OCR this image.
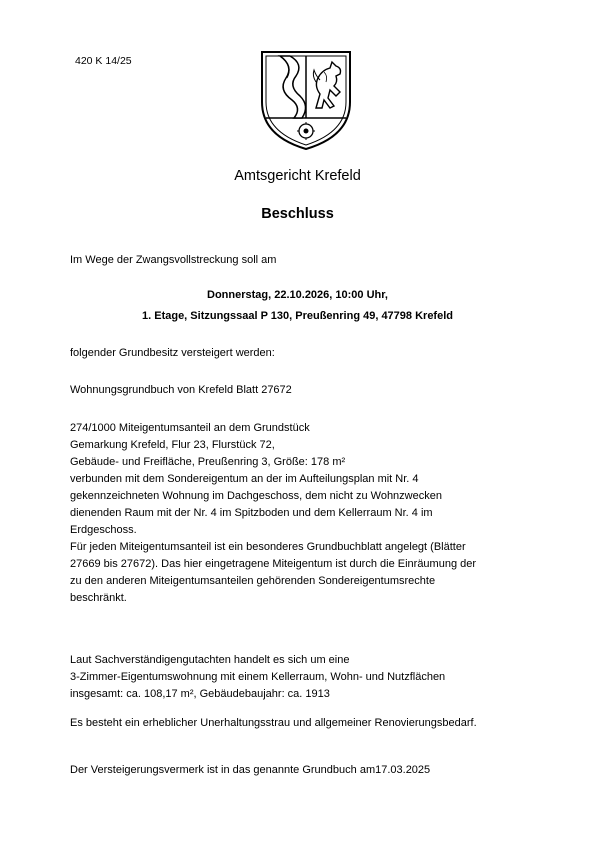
420 K 14/25
Amtsgericht Krefeld
Beschluss
Im Wege der Zwangsvollstreckung soll am
Donnerstag, 22.10.2026, 10:00 Uhr,
1. Etage, Sitzungssaal P 130, Preußenring 49, 47798 Krefeld
folgender Grundbesitz versteigert werden:
Wohnungsgrundbuch von Krefeld Blatt 27672
274/1000 Miteigentumsanteil an dem Grundstück
Gemarkung Krefeld, Flur 23, Flurstück 72,
Gebäude- und Freifläche, Preußenring 3, Größe: 178 m²
verbunden mit dem Sondereigentum an der im Aufteilungsplan mit Nr. 4
gekennzeichneten Wohnung im Dachgeschoss, dem nicht zu Wohnzwecken
dienenden Raum mit der Nr. 4 im Spitzboden und dem Kellerraum Nr. 4 im
Erdgeschoss.
Für jeden Miteigentumsanteil ist ein besonderes Grundbuchblatt angelegt (Blätter
27669 bis 27672). Das hier eingetragene Miteigentum ist durch die Einräumung der
zu den anderen Miteigentumsanteilen gehörenden Sondereigentumsrechte
beschränkt.
Laut Sachverständigengutachten handelt es sich um eine
3-Zimmer-Eigentumswohnung mit einem Kellerraum, Wohn- und Nutzflächen
insgesamt: ca. 108,17 m², Gebäudebaujahr: ca. 1913
Es besteht ein erheblicher Unerhaltungsstrau und allgemeiner Renovierungsbedarf.
Der Versteigerungsvermerk ist in das genannte Grundbuch am17.03.2025
